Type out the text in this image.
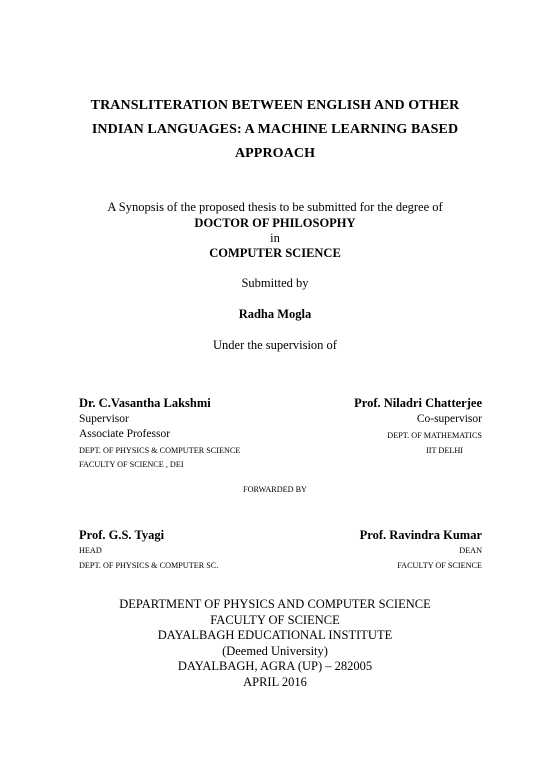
TRANSLITERATION BETWEEN ENGLISH AND OTHER
INDIAN LANGUAGES: A MACHINE LEARNING BASED
APPROACH
A Synopsis of the proposed thesis to be submitted for the degree of
DOCTOR OF PHILOSOPHY
in
COMPUTER SCIENCE
Submitted by
Radha Mogla
Under the supervision of
Dr. C.Vasantha Lakshmi
Supervisor
Associate Professor
DEPT. OF PHYSICS & COMPUTER SCIENCE
FACULTY OF SCIENCE , DEI
Prof. Niladri Chatterjee
Co-supervisor
DEPT. OF MATHEMATICS
IIT DELHI
FORWARDED BY
Prof. G.S. Tyagi
HEAD
DEPT. OF PHYSICS & COMPUTER SC.
Prof. Ravindra Kumar
DEAN
FACULTY OF SCIENCE
DEPARTMENT OF PHYSICS AND COMPUTER SCIENCE
FACULTY OF SCIENCE
DAYALBAGH EDUCATIONAL INSTITUTE
(Deemed University)
DAYALBAGH, AGRA (UP) – 282005
APRIL 2016
